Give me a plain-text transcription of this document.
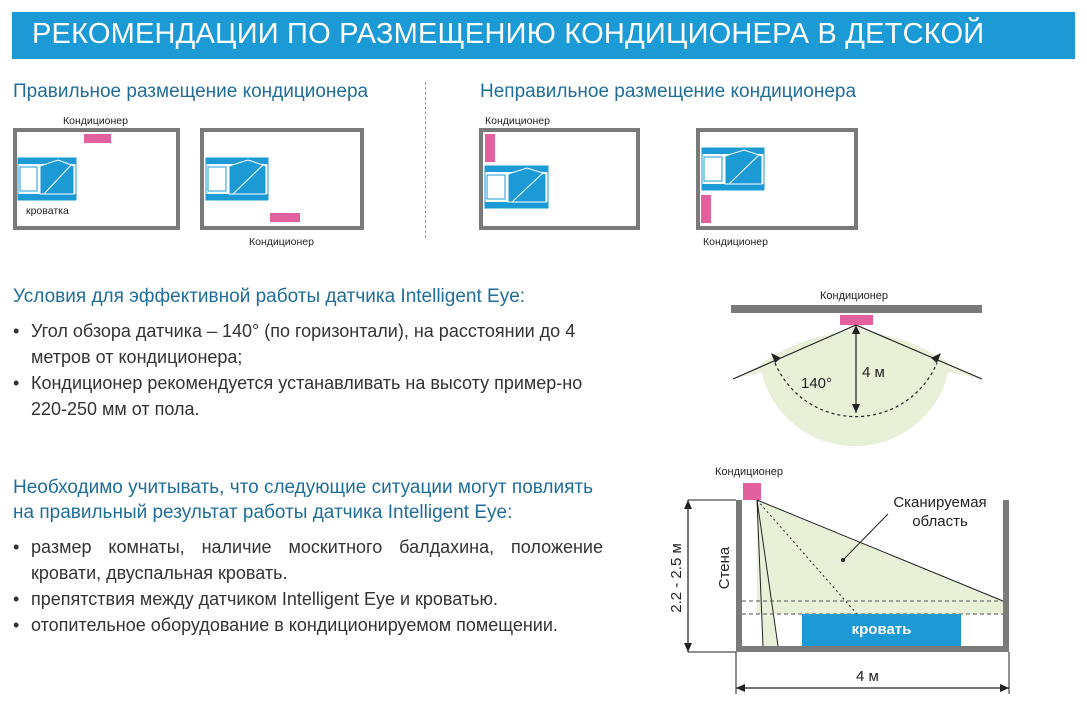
РЕКОМЕНДАЦИИ ПО РАЗМЕЩЕНИЮ КОНДИЦИОНЕРА В ДЕТСКОЙ
Правильное размещение кондиционера	Неправильное размещение кондиционера
Кондиционер
кроватка
Кондиционер
Кондиционер
Кондиционер
Условия для эффективной работы датчика Intelligent Eye:
• Угол обзора датчика – 140° (по горизонтали), на расстоянии до 4 метров от кондиционера;
• Кондиционер рекомендуется устанавливать на высоту пример-но 220-250 мм от пола.
Кондиционер
140°
4 м
Необходимо учитывать, что следующие ситуации могут повлиять на правильный результат работы датчика Intelligent Eye:
• размер комнаты, наличие москитного балдахина, положение кровати, двуспальная кровать.
• препятствия между датчиком Intelligent Eye и кроватью.
• отопительное оборудование в кондиционируемом помещении.
2.2 - 2.5 м Стена
Кондиционер
Сканируемая
область
кровать
4 м
